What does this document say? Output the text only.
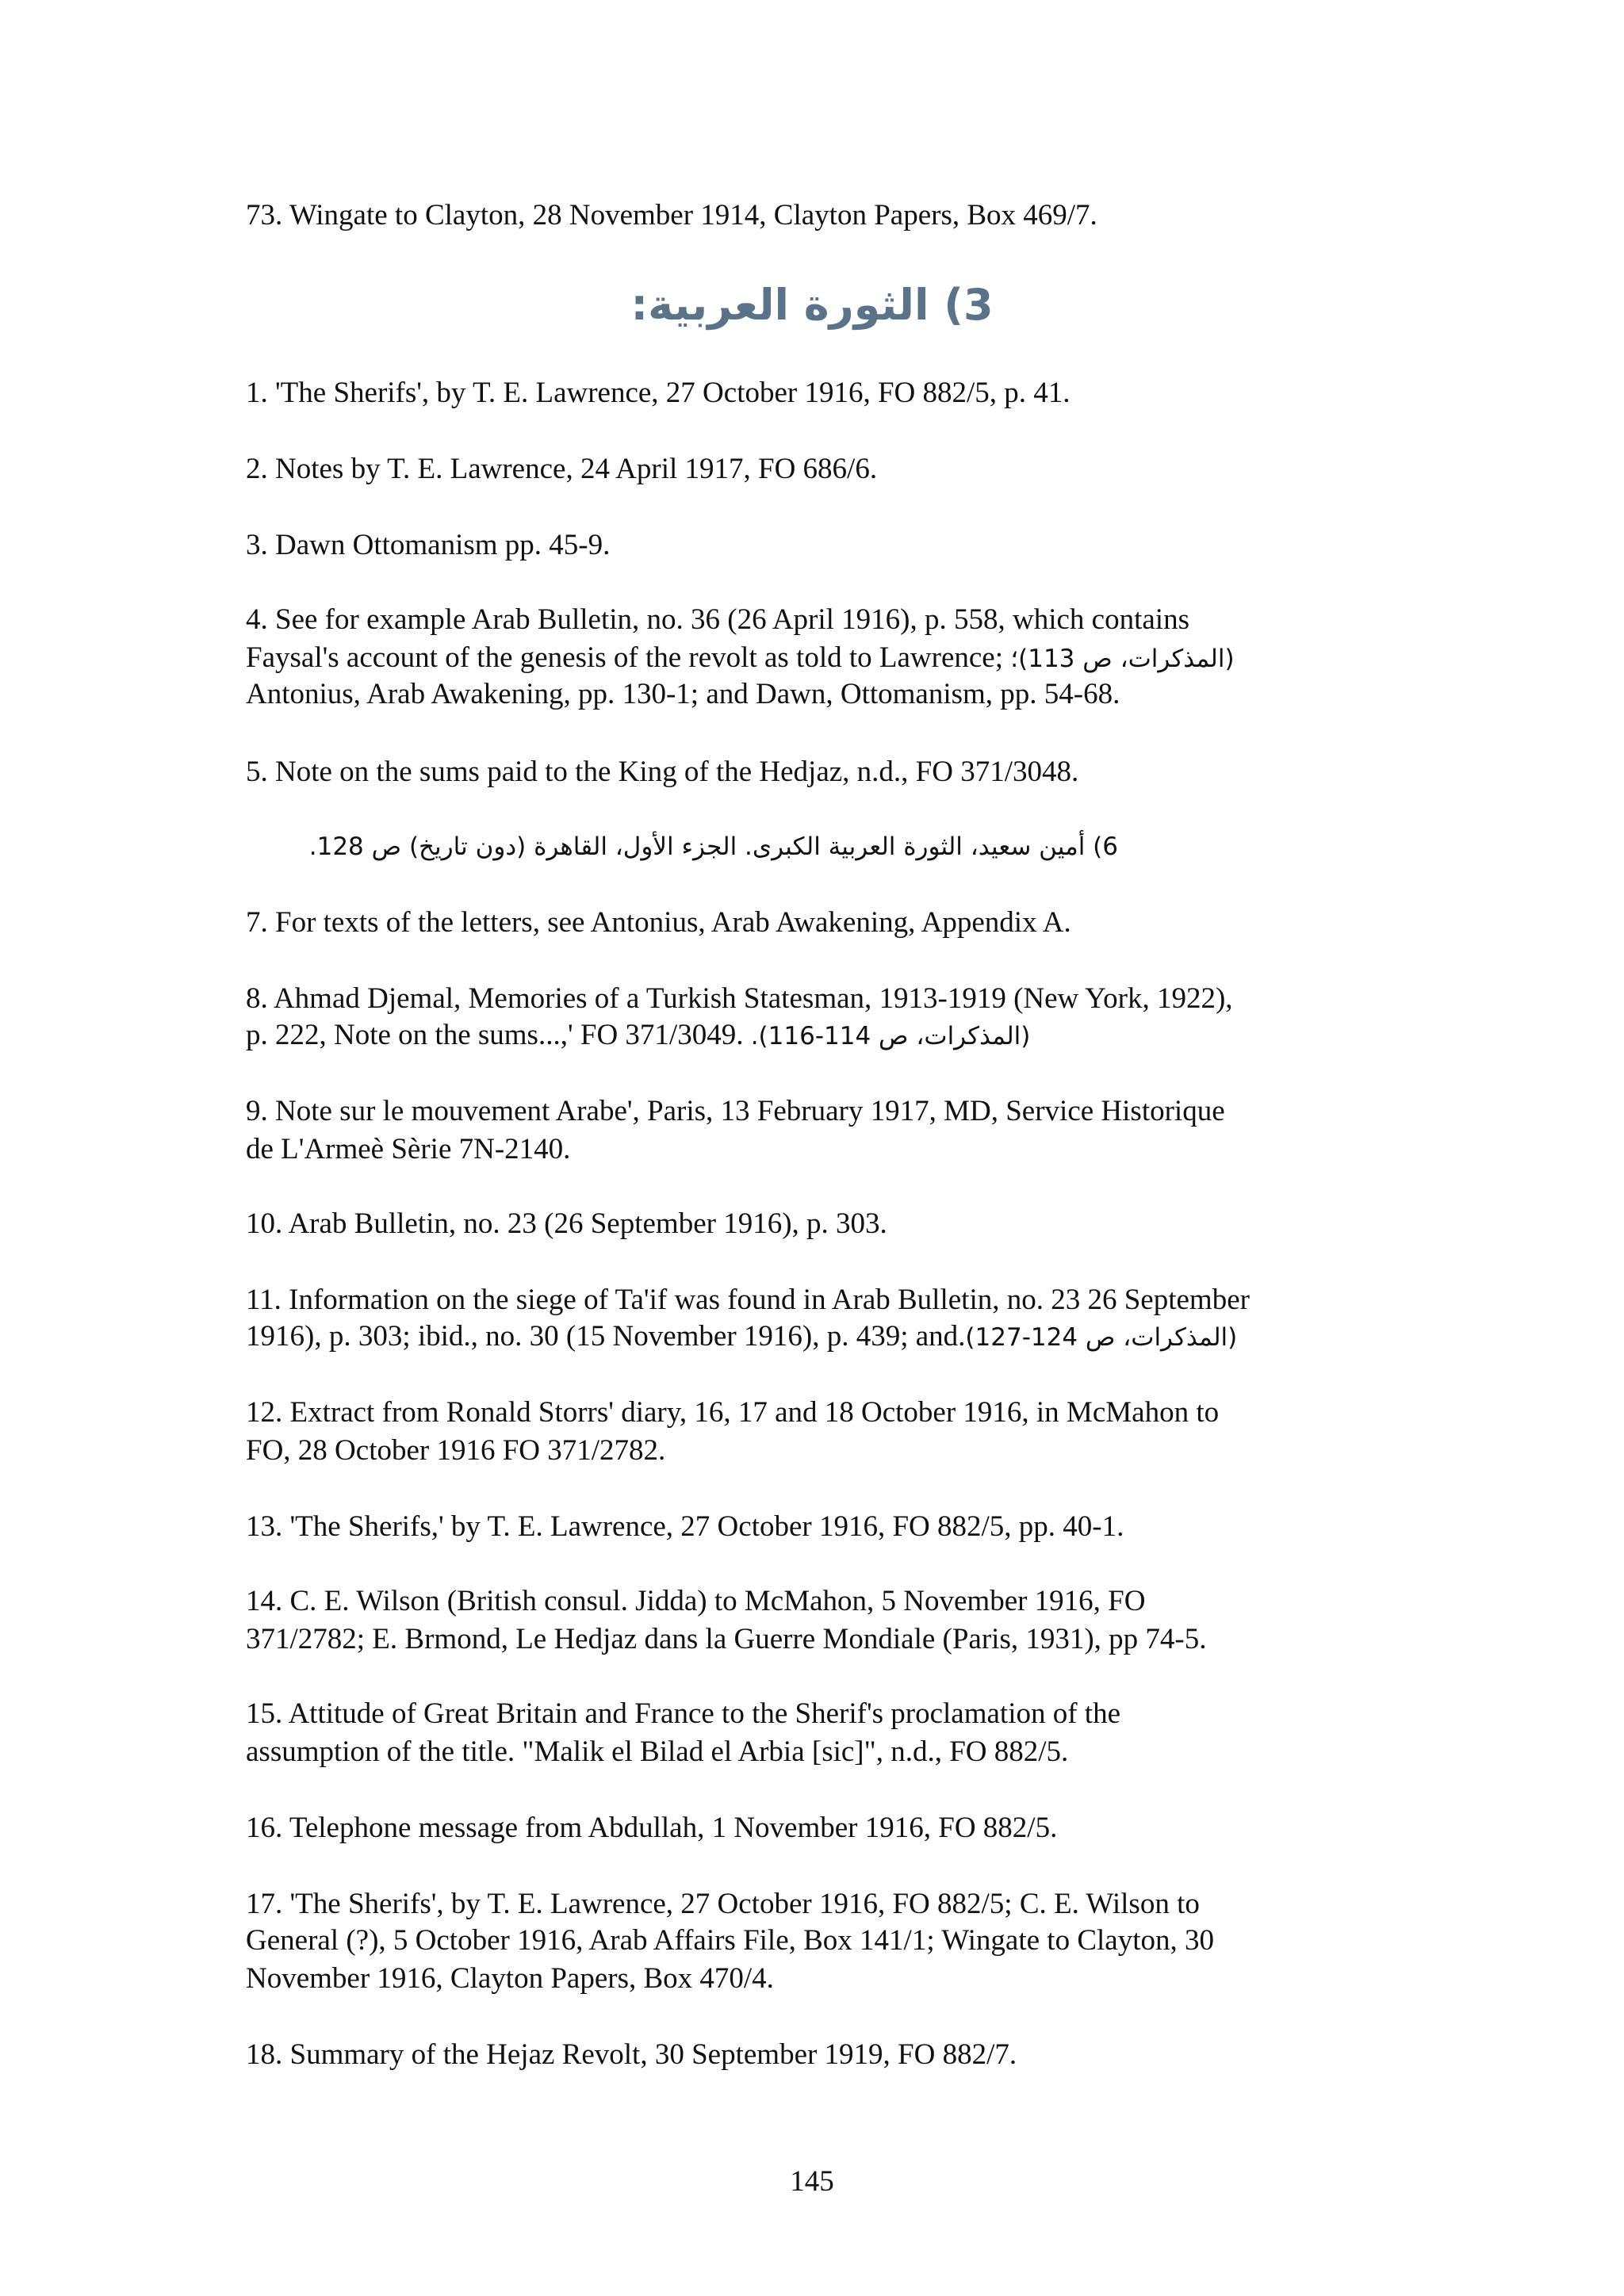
73. Wingate to Clayton, 28 November 1914, Clayton Papers, Box 469/7.
3) الثورة العربية:
1. 'The Sherifs', by T. E. Lawrence, 27 October 1916, FO 882/5, p. 41.
2. Notes by T. E. Lawrence, 24 April 1917, FO 686/6.
3. Dawn Ottomanism pp. 45-9.
4. See for example Arab Bulletin, no. 36 (26 April 1916), p. 558, which contains
Faysal's account of the genesis of the revolt as told to Lawrence; (المذكرات، ص 113)؛
Antonius, Arab Awakening, pp. 130-1; and Dawn, Ottomanism, pp. 54-68.
5. Note on the sums paid to the King of the Hedjaz, n.d., FO 371/3048.
6) أمين سعيد، الثورة العربية الكبرى. الجزء الأول، القاهرة (دون تاريخ) ص 128.
7. For texts of the letters, see Antonius, Arab Awakening, Appendix A.
8. Ahmad Djemal, Memories of a Turkish Statesman, 1913-1919 (New York, 1922),
p. 222, Note on the sums...,' FO 371/3049. (المذكرات، ص 114-116).
9. Note sur le mouvement Arabe', Paris, 13 February 1917, MD, Service Historique
de L'Armeè Sèrie 7N-2140.
10. Arab Bulletin, no. 23 (26 September 1916), p. 303.
11. Information on the siege of Ta'if was found in Arab Bulletin, no. 23 26 September
1916), p. 303; ibid., no. 30 (15 November 1916), p. 439; and.(المذكرات، ص 124-127)
12. Extract from Ronald Storrs' diary, 16, 17 and 18 October 1916, in McMahon to
FO, 28 October 1916 FO 371/2782.
13. 'The Sherifs,' by T. E. Lawrence, 27 October 1916, FO 882/5, pp. 40-1.
14. C. E. Wilson (British consul. Jidda) to McMahon, 5 November 1916, FO
371/2782; E. Brmond, Le Hedjaz dans la Guerre Mondiale (Paris, 1931), pp 74-5.
15. Attitude of Great Britain and France to the Sherif's proclamation of the
assumption of the title. "Malik el Bilad el Arbia [sic]", n.d., FO 882/5.
16. Telephone message from Abdullah, 1 November 1916, FO 882/5.
17. 'The Sherifs', by T. E. Lawrence, 27 October 1916, FO 882/5; C. E. Wilson to
General (?), 5 October 1916, Arab Affairs File, Box 141/1; Wingate to Clayton, 30
November 1916, Clayton Papers, Box 470/4.
18. Summary of the Hejaz Revolt, 30 September 1919, FO 882/7.
145
